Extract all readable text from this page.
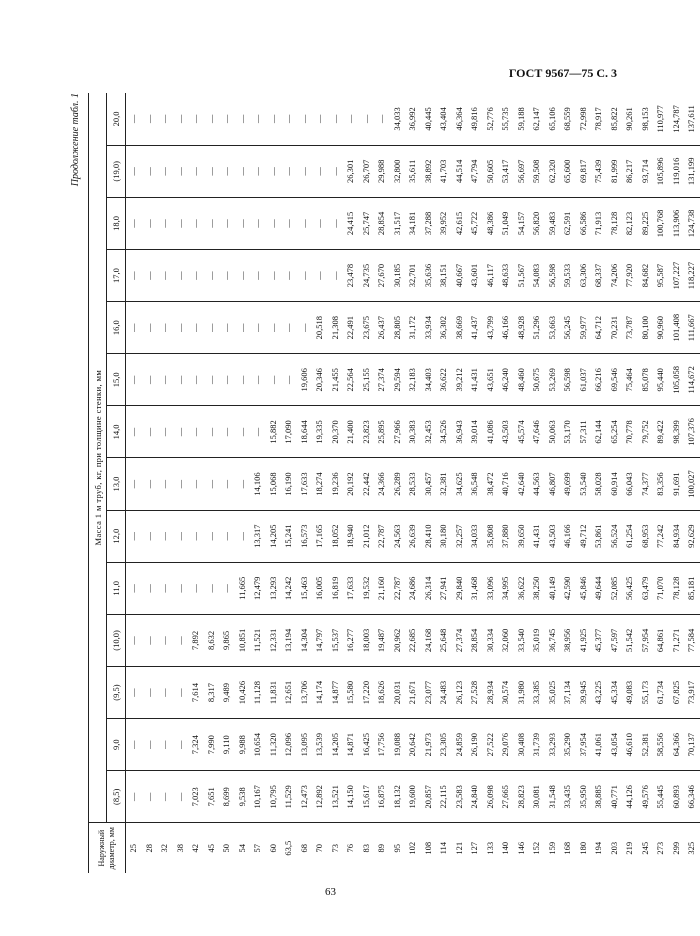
ГОСТ 9567—75 С. 3
Продолжение табл. 1
Наружный диаметр, мм	Масса 1 м труб, кг, при толщине стенки, мм													
	(8,5)	9,0	(9,5)	(10,0)	11,0	12,0	13,0	14,0	15,0	16,0	17,0	18,0	(19,0)	20,0
25	—	—	—	—	—	—	—	—	—	—	—	—	—	—
28	—	—	—	—	—	—	—	—	—	—	—	—	—	—
32	—	—	—	—	—	—	—	—	—	—	—	—	—	—
38	—	—	—	—	—	—	—	—	—	—	—	—	—	—
42	7,023	7,324	7,614	7,892	—	—	—	—	—	—	—	—	—	—
45	7,651	7,990	8,317	8,632	—	—	—	—	—	—	—	—	—	—
50	8,699	9,110	9,489	9,865	—	—	—	—	—	—	—	—	—	—
54	9,538	9,988	10,426	10,851	11,665	—	—	—	—	—	—	—	—	—
57	10,167	10,654	11,128	11,521	12,479	13,317	14,106	—	—	—	—	—	—	—
60	10,795	11,320	11,831	12,331	13,293	14,205	15,068	15,882	—	—	—	—	—	—
63,5	11,529	12,096	12,651	13,194	14,242	15,241	16,190	17,090	—	—	—	—	—	—
68	12,473	13,095	13,706	14,304	15,463	16,573	17,633	18,644	19,606	—	—	—	—	—
70	12,892	13,539	14,174	14,797	16,005	17,165	18,274	19,335	20,346	20,518	—	—	—	—
73	13,521	14,205	14,877	15,537	16,819	18,052	19,236	20,370	21,455	21,308	—	—	—	—
76	14,150	14,871	15,580	16,277	17,633	18,940	20,192	21,400	22,564	22,491	23,478	24,415	26,301	—
83	15,617	16,425	17,220	18,003	19,532	21,012	22,442	23,823	25,155	23,675	24,735	25,747	26,707	—
89	16,875	17,756	18,626	19,487	21,160	22,787	24,366	25,895	27,374	26,437	27,670	28,854	29,988	—
95	18,132	19,088	20,031	20,962	22,787	24,563	26,289	27,966	29,594	28,805	30,185	31,517	32,800	34,033
102	19,600	20,642	21,671	22,685	24,686	26,639	28,533	30,383	32,183	31,172	32,701	34,181	35,611	36,992
108	20,857	21,973	23,077	24,168	26,314	28,410	30,457	32,453	34,403	33,934	35,636	37,288	38,892	40,445
114	22,115	23,305	24,483	25,648	27,941	30,180	32,381	34,526	36,622	36,302	38,151	39,952	41,703	43,404
121	23,583	24,859	26,123	27,374	29,840	32,257	34,625	36,943	39,212	38,669	40,667	42,615	44,514	46,364
127	24,840	26,190	27,528	28,854	31,468	34,033	36,548	39,014	41,431	41,437	43,601	45,722	47,794	49,816
133	26,098	27,522	28,934	30,334	33,096	35,808	38,472	41,086	43,651	43,799	46,117	48,386	50,605	52,776
140	27,665	29,076	30,574	32,060	34,995	37,880	40,716	43,503	46,240	46,166	48,633	51,049	53,417	55,735
146	28,823	30,408	31,980	33,540	36,622	39,650	42,640	45,574	48,460	48,928	51,567	54,157	56,697	59,188
152	30,081	31,739	33,385	35,019	38,250	41,431	44,563	47,646	50,675	51,296	54,083	56,820	59,508	62,147
159	31,548	33,293	35,025	36,745	40,149	43,503	46,807	50,063	53,269	53,663	56,598	59,483	62,320	65,106
168	33,435	35,290	37,134	38,956	42,590	46,166	49,699	53,170	56,598	56,245	59,533	62,591	65,600	68,559
180	35,950	37,954	39,945	41,925	45,846	49,712	53,540	57,311	61,037	59,977	63,306	66,586	69,817	72,998
194	38,885	41,061	43,225	45,377	49,644	53,861	58,028	62,144	66,216	64,712	68,337	71,913	75,439	78,917
203	40,771	43,054	45,334	47,597	52,085	56,524	60,914	65,254	69,546	70,231	74,206	78,128	81,999	85,822
219	44,126	46,610	49,083	51,542	56,425	61,254	66,043	70,778	75,464	73,787	77,920	82,123	86,217	90,261
245	49,576	52,381	55,173	57,954	63,479	68,953	74,377	79,752	85,078	80,100	84,682	89,225	93,714	98,153
273	55,445	58,556	61,734	64,861	71,070	77,242	83,356	89,422	95,440	90,960	95,587	100,768	105,896	110,977
299	60,893	64,366	67,825	71,271	78,128	84,934	91,691	98,399	105,058	101,408	107,227	113,906	119,016	124,787
325	66,346	70,137	73,917	77,584	85,181	92,629	100,027	107,376	114,672	111,667	118,227	124,738	131,199	137,611
63
